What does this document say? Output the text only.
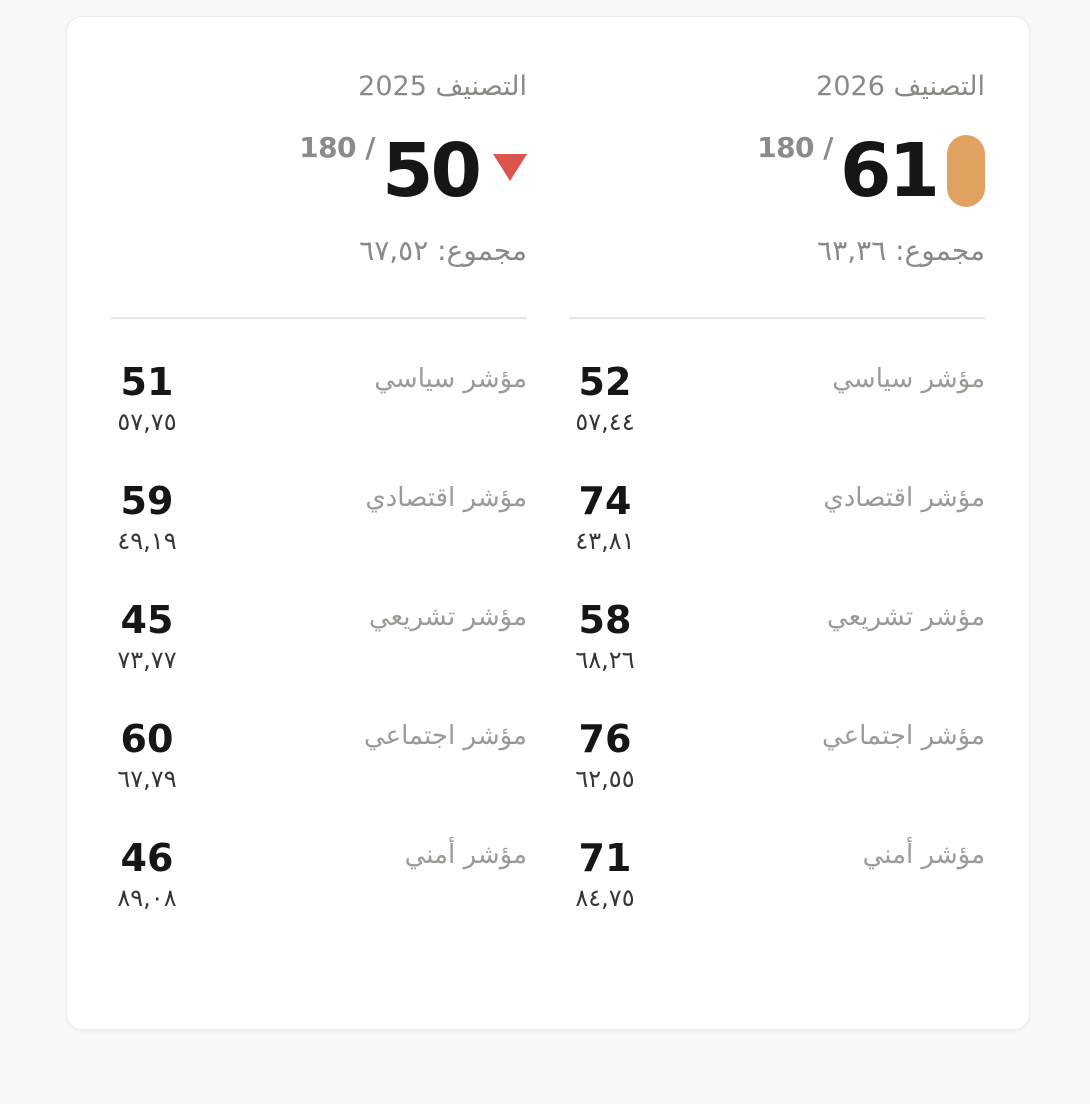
التصنيف 2026
180 / 61
مجموع: ٦٣,٣٦
مؤشر سياسي
52
٥٧,٤٤
مؤشر اقتصادي
74
٤٣,٨١
مؤشر تشريعي
58
٦٨,٢٦
مؤشر اجتماعي
76
٦٢,٥٥
مؤشر أمني
71
٨٤,٧٥
التصنيف 2025
180 / 50
مجموع: ٦٧,٥٢
مؤشر سياسي
51
٥٧,٧٥
مؤشر اقتصادي
59
٤٩,١٩
مؤشر تشريعي
45
٧٣,٧٧
مؤشر اجتماعي
60
٦٧,٧٩
مؤشر أمني
46
٨٩,٠٨
